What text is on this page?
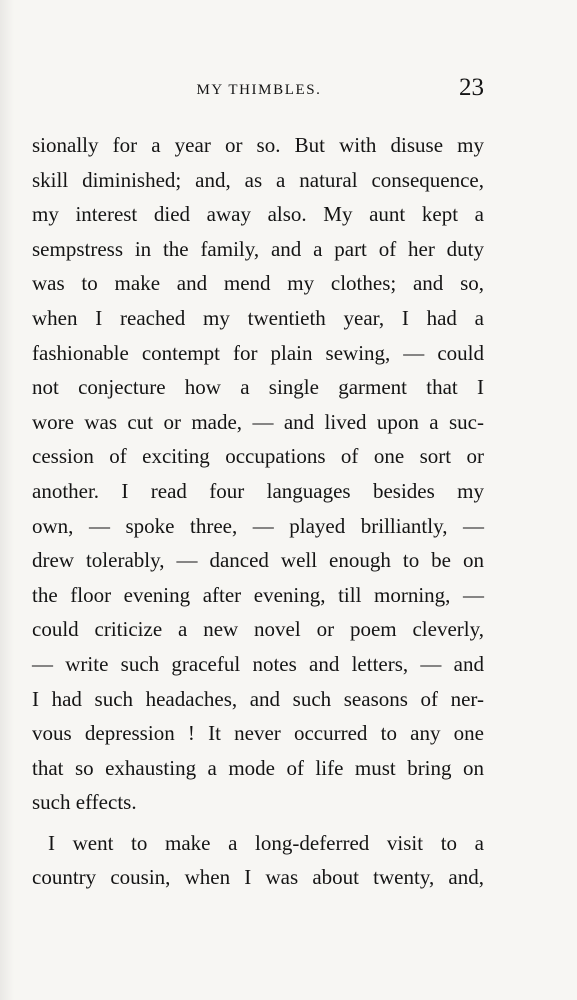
MY THIMBLES.	23
sionally for a year or so. But with disuse my
skill diminished; and, as a natural consequence,
my interest died away also. My aunt kept a
sempstress in the family, and a part of her duty
was to make and mend my clothes; and so,
when I reached my twentieth year, I had a
fashionable contempt for plain sewing, — could
not conjecture how a single garment that I
wore was cut or made, — and lived upon a suc-
cession of exciting occupations of one sort or
another. I read four languages besides my
own, — spoke three, — played brilliantly, —
drew tolerably, — danced well enough to be on
the floor evening after evening, till morning, —
could criticize a new novel or poem cleverly,
— write such graceful notes and letters, — and
I had such headaches, and such seasons of ner-
vous depression ! It never occurred to any one
that so exhausting a mode of life must bring on
such effects.
I went to make a long-deferred visit to a
country cousin, when I was about twenty, and,
